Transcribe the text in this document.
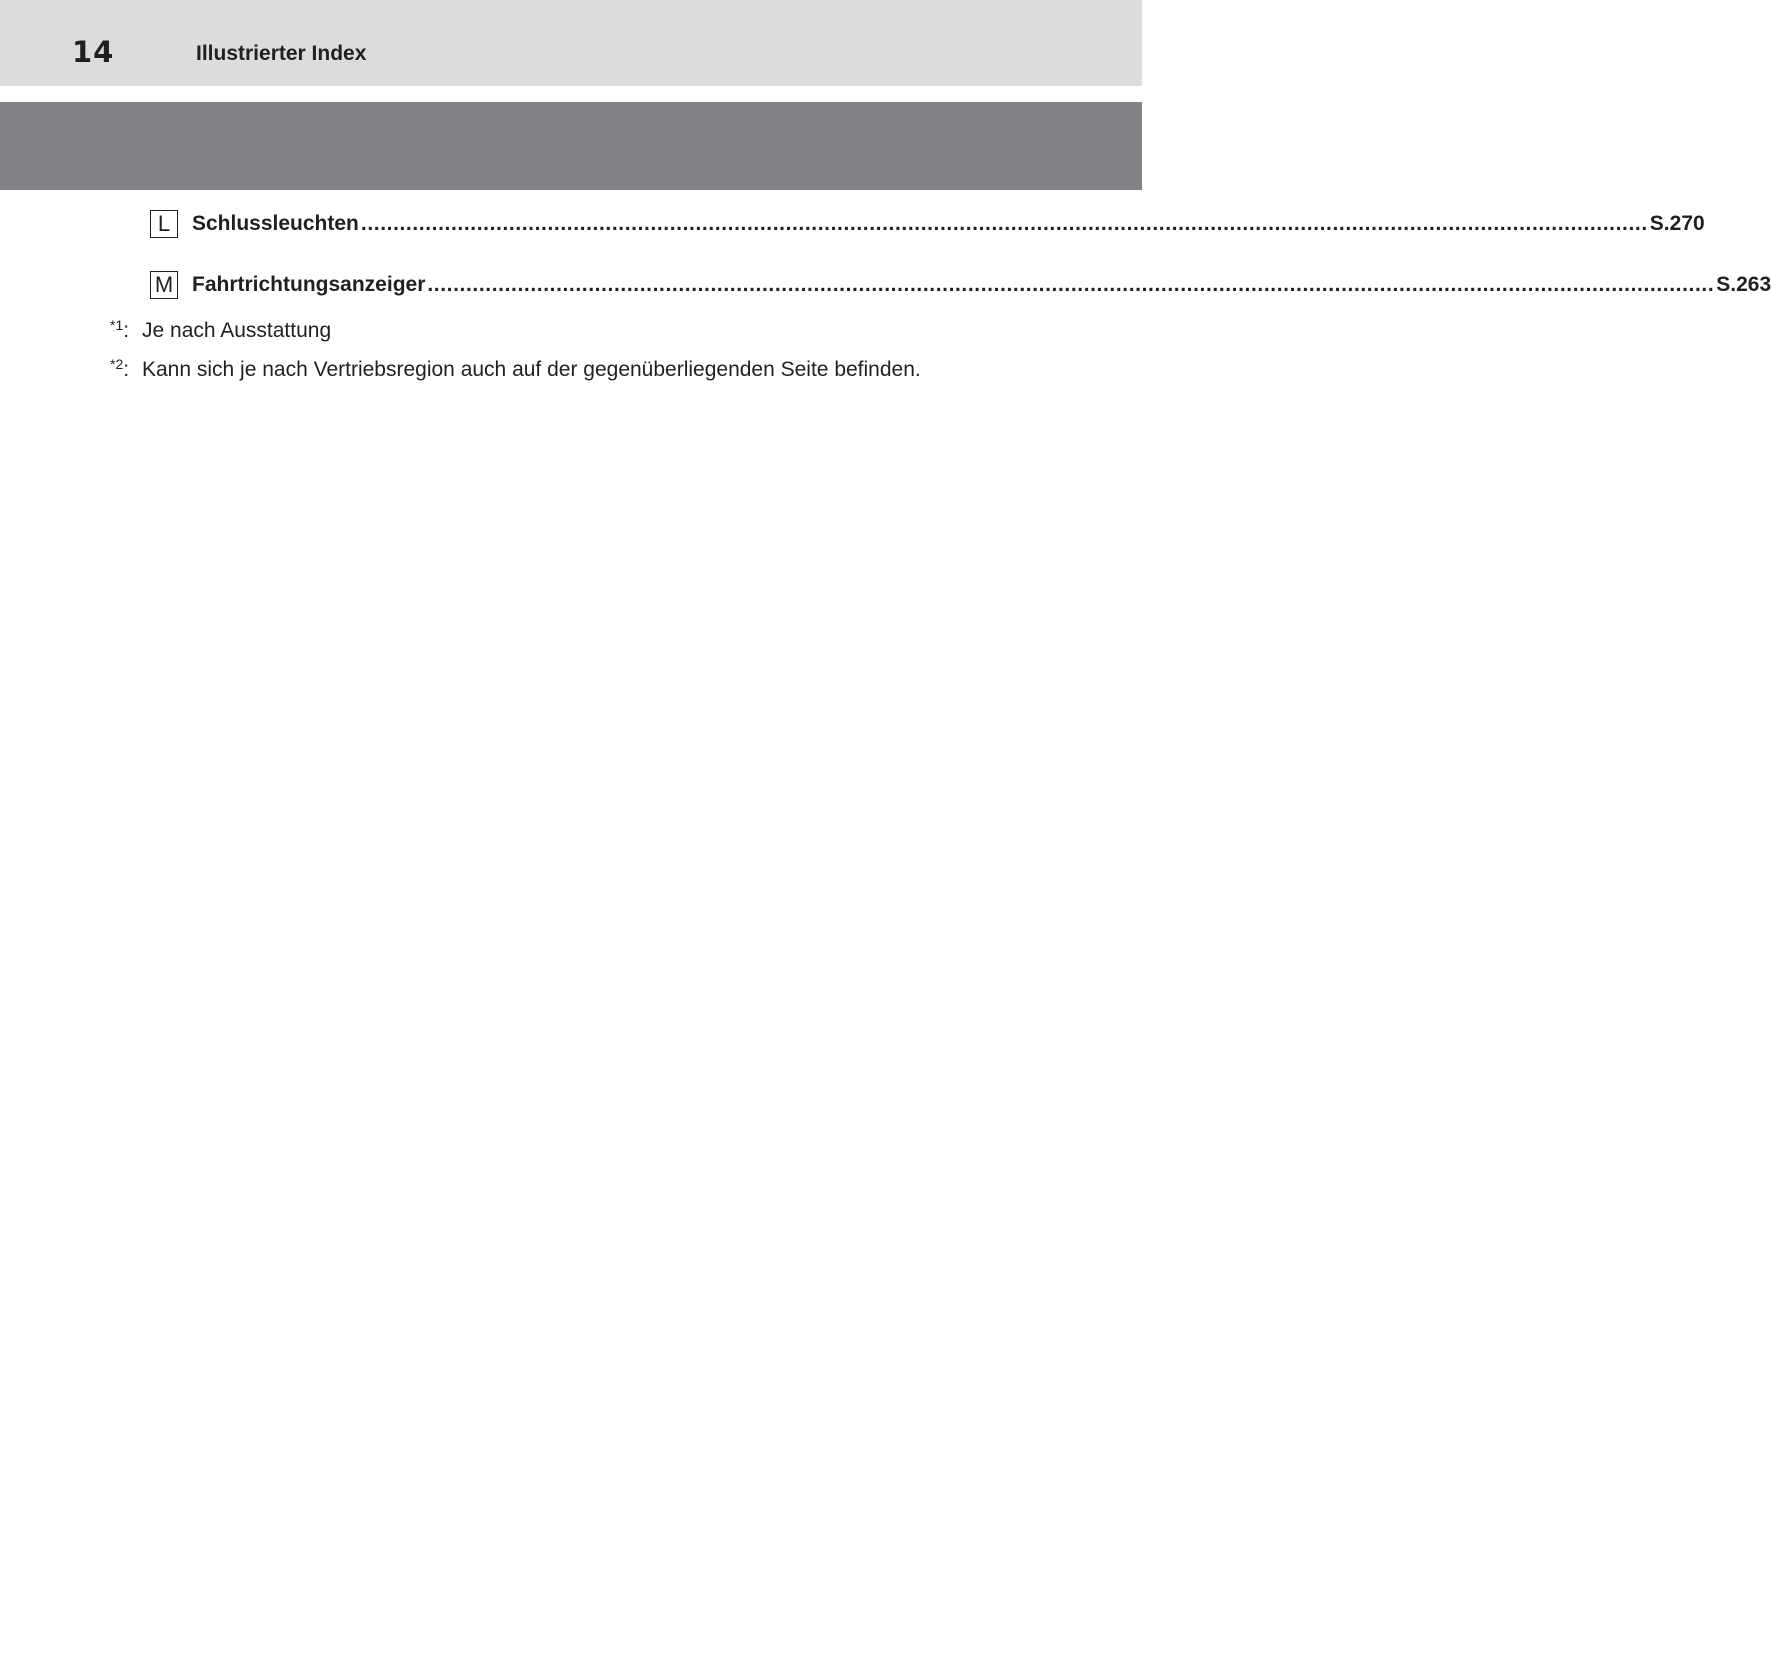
14	Illustrierter Index
L	Schlussleuchten ........................................................................................................................................................................................................ S.270
M Fahrtrichtungsanzeiger ........................................................................................................................................................................................................ S.263
$^{*1}$: Je nach Ausstattung
$^{*2}$: Kann sich je nach Vertriebsregion auch auf der gegenüberliegenden Seite befinden.
